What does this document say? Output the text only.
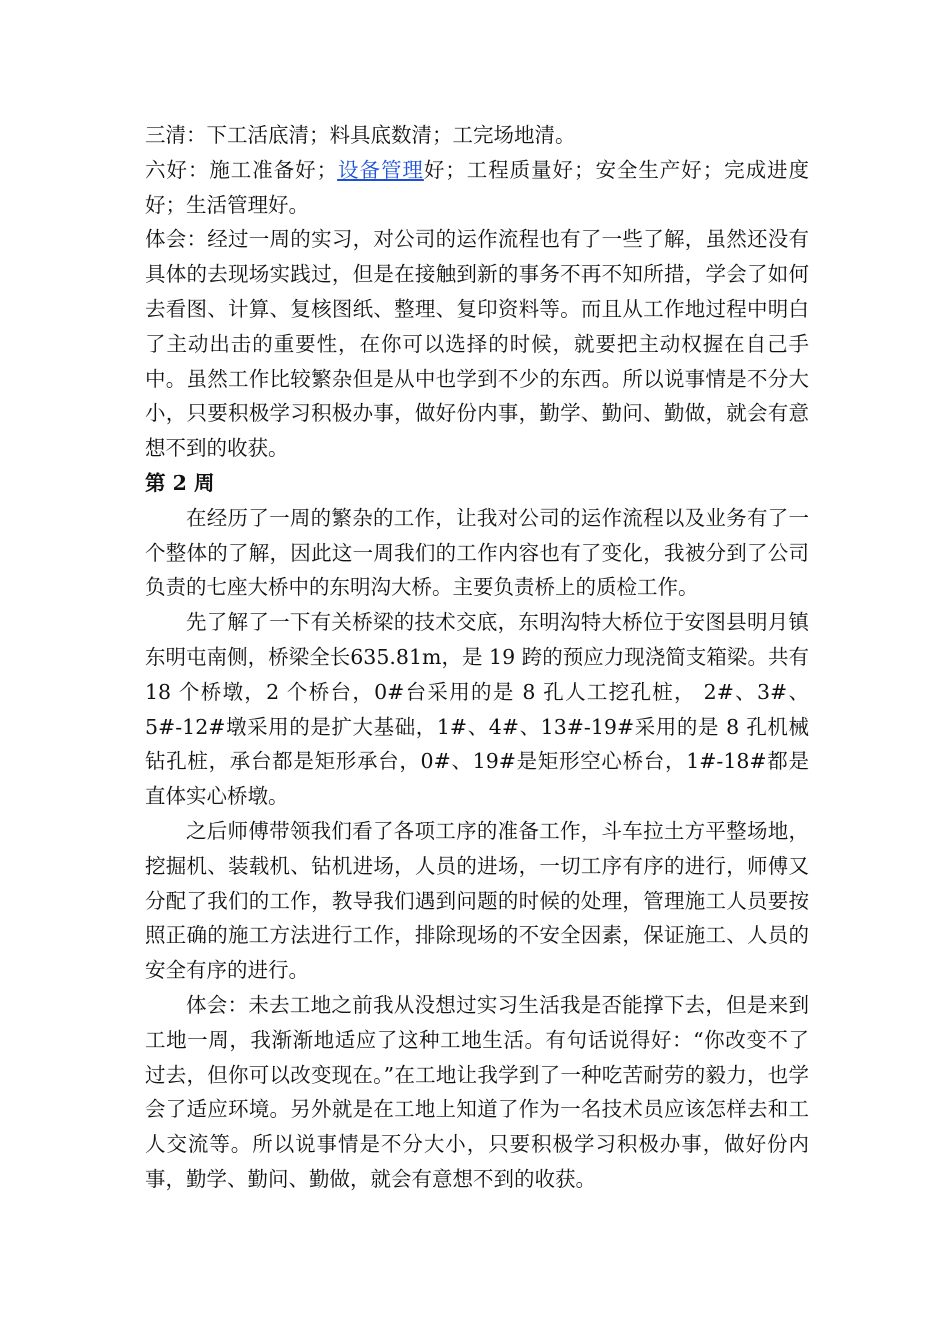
三清：下工活底清；料具底数清；工完场地清。

六好：施工准备好；设备管理好；工程质量好；安全生产好；完成进度好；生活管理好。

体会：经过一周的实习，对公司的运作流程也有了一些了解，虽然还没有具体的去现场实践过，但是在接触到新的事务不再不知所措，学会了如何去看图、计算、复核图纸、整理、复印资料等。而且从工作地过程中明白了主动出击的重要性，在你可以选择的时候，就要把主动权握在自己手中。虽然工作比较繁杂但是从中也学到不少的东西。所以说事情是不分大小，只要积极学习积极办事，做好份内事，勤学、勤问、勤做，就会有意想不到的收获。

第 2 周

在经历了一周的繁杂的工作，让我对公司的运作流程以及业务有了一个整体的了解，因此这一周我们的工作内容也有了变化，我被分到了公司负责的七座大桥中的东明沟大桥。主要负责桥上的质检工作。

先了解了一下有关桥梁的技术交底，东明沟特大桥位于安图县明月镇东明屯南侧，桥梁全长635.81m，是 19 跨的预应力现浇简支箱梁。共有 18 个桥墩，2 个桥台，0#台采用的是 8 孔人工挖孔桩， 2#、3#、5#-12#墩采用的是扩大基础，1#、4#、13#-19#采用的是 8 孔机械钻孔桩，承台都是矩形承台，0#、19#是矩形空心桥台，1#-18#都是直体实心桥墩。

之后师傅带领我们看了各项工序的准备工作，斗车拉土方平整场地，挖掘机、装载机、钻机进场，人员的进场，一切工序有序的进行，师傅又分配了我们的工作，教导我们遇到问题的时候的处理，管理施工人员要按照正确的施工方法进行工作，排除现场的不安全因素，保证施工、人员的安全有序的进行。

体会：未去工地之前我从没想过实习生活我是否能撑下去，但是来到工地一周，我渐渐地适应了这种工地生活。有句话说得好：“你改变不了过去，但你可以改变现在。”在工地让我学到了一种吃苦耐劳的毅力，也学会了适应环境。另外就是在工地上知道了作为一名技术员应该怎样去和工人交流等。所以说事情是不分大小，只要积极学习积极办事，做好份内事，勤学、勤问、勤做，就会有意想不到的收获。
